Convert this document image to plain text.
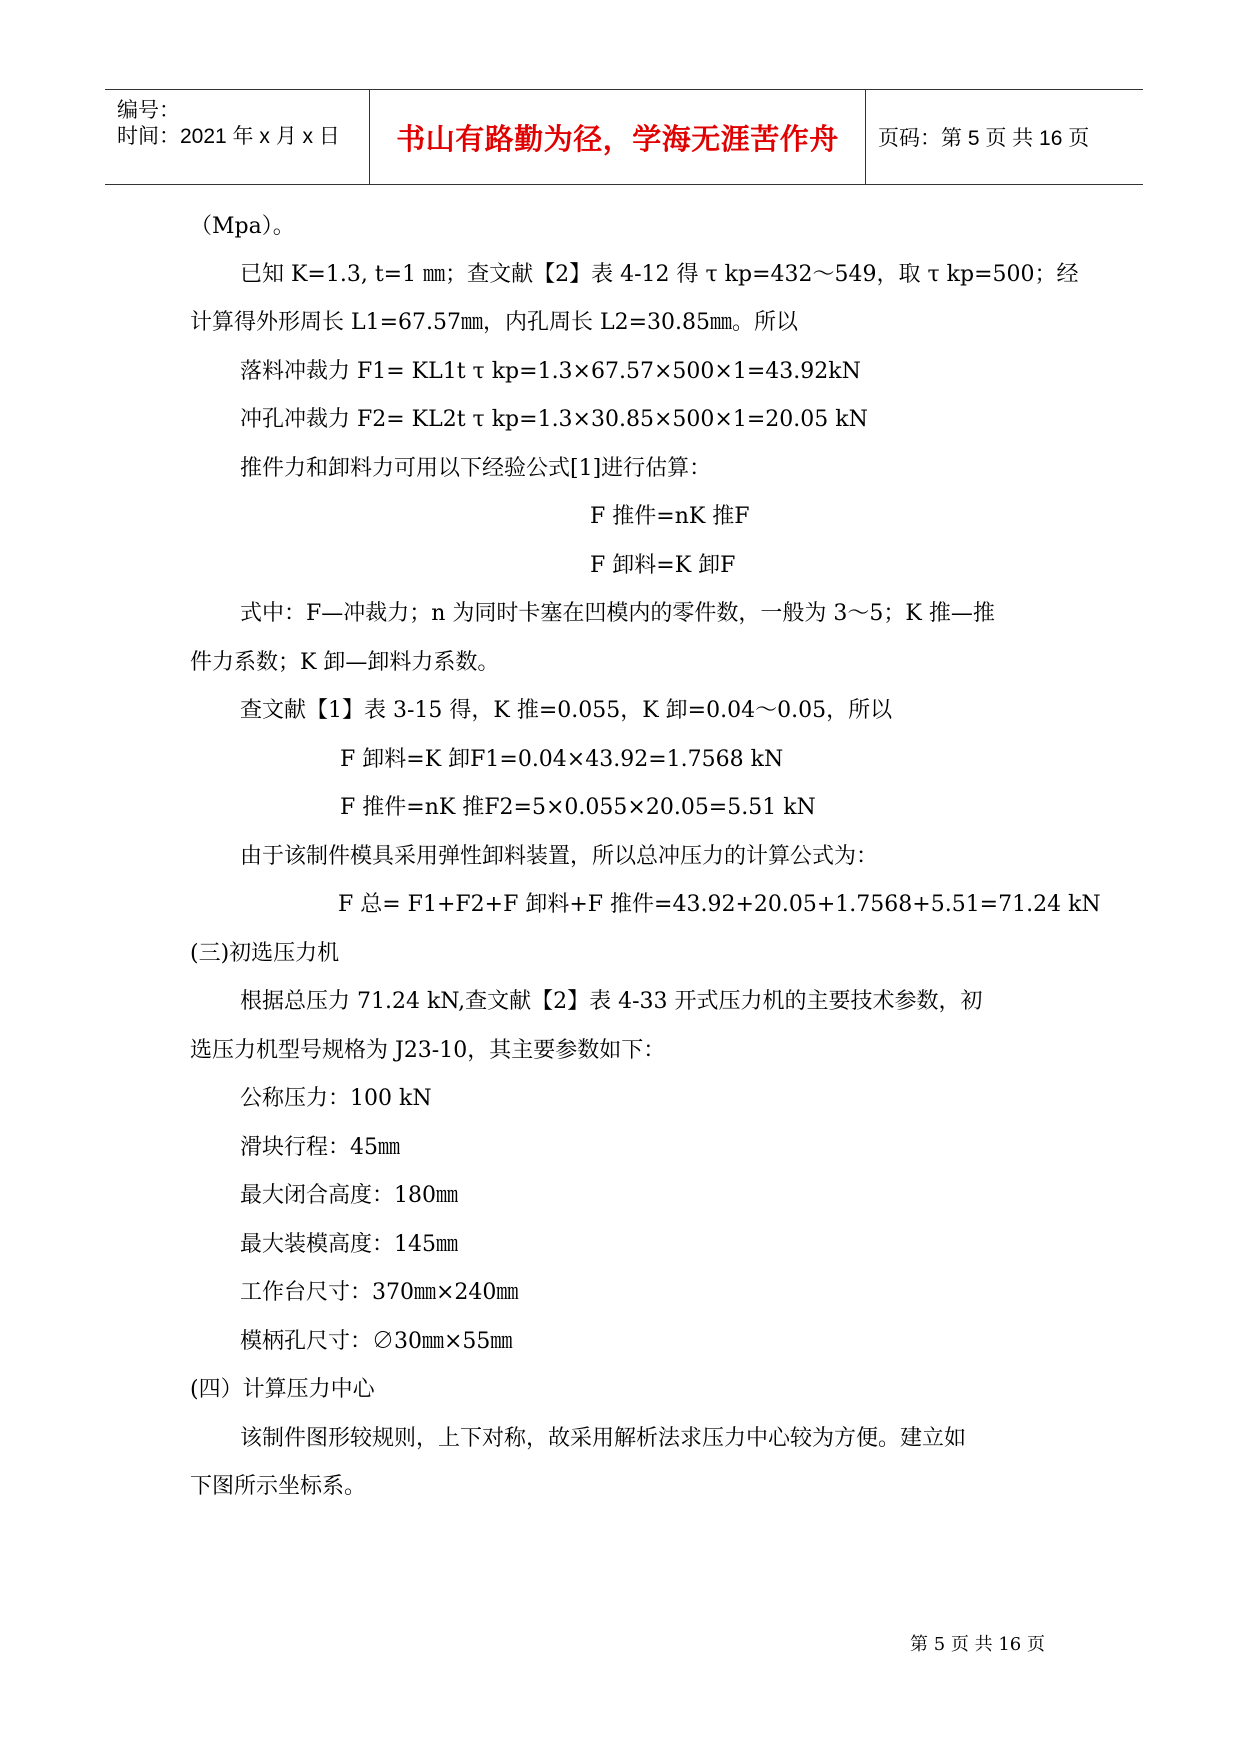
编号：
时间：2021 年 x 月 x 日	书山有路勤为径，学海无涯苦作舟	页码：第 5 页 共 16 页
（Mpa）。
已知 K=1.3, t=1 ㎜；查文献【2】表 4-12 得 τ kp=432～549，取 τ kp=500；经
计算得外形周长 L1=67.57㎜，内孔周长 L2=30.85㎜。所以
落料冲裁力 F1= KL1t τ kp=1.3×67.57×500×1=43.92kN
冲孔冲裁力 F2= KL2t τ kp=1.3×30.85×500×1=20.05 kN
推件力和卸料力可用以下经验公式[1]进行估算：
F 推件=nK 推F
F 卸料=K 卸F
式中：F—冲裁力；n 为同时卡塞在凹模内的零件数，一般为 3～5；K 推—推
件力系数；K 卸—卸料力系数。
查文献【1】表 3-15 得，K 推=0.055，K 卸=0.04～0.05，所以
F 卸料=K 卸F1=0.04×43.92=1.7568 kN
F 推件=nK 推F2=5×0.055×20.05=5.51 kN
由于该制件模具采用弹性卸料装置，所以总冲压力的计算公式为：
F 总= F1+F2+F 卸料+F 推件=43.92+20.05+1.7568+5.51=71.24 kN
(三)初选压力机
根据总压力 71.24 kN,查文献【2】表 4-33 开式压力机的主要技术参数，初
选压力机型号规格为 J23-10，其主要参数如下：
公称压力：100 kN
滑块行程：45㎜
最大闭合高度：180㎜
最大装模高度：145㎜
工作台尺寸：370㎜×240㎜
模柄孔尺寸：∅30㎜×55㎜
(四）计算压力中心
该制件图形较规则，上下对称，故采用解析法求压力中心较为方便。建立如
下图所示坐标系。
第 5 页 共 16 页
